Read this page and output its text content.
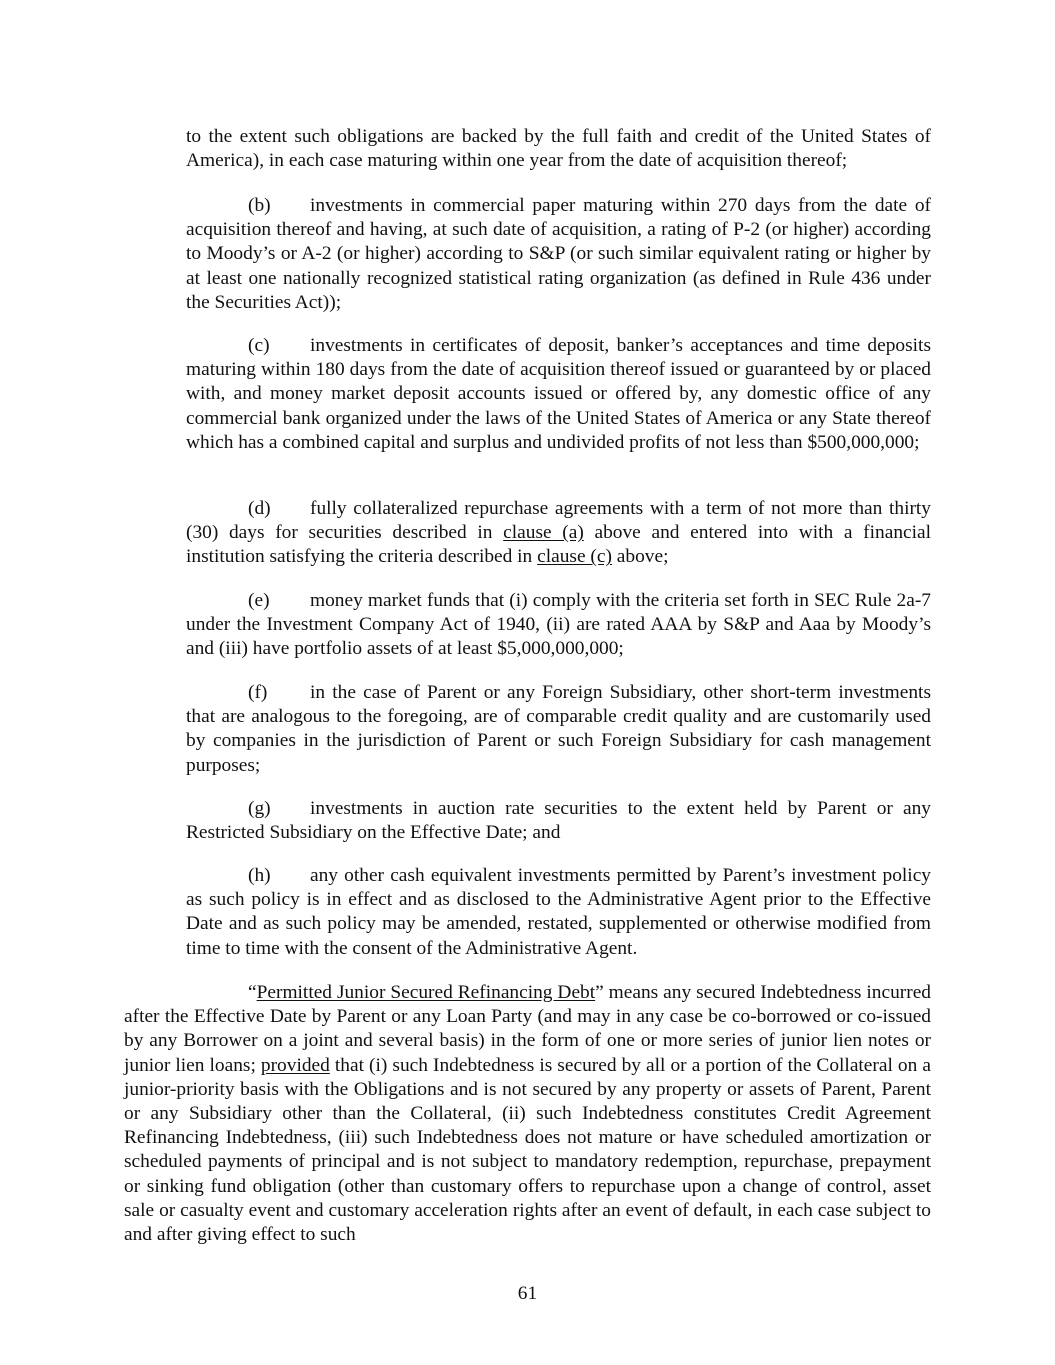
to the extent such obligations are backed by the full faith and credit of the United States of America), in each case maturing within one year from the date of acquisition thereof;

(b) investments in commercial paper maturing within 270 days from the date of acquisition thereof and having, at such date of acquisition, a rating of P-2 (or higher) according to Moody’s or A-2 (or higher) according to S&P (or such similar equivalent rating or higher by at least one nationally recognized statistical rating organization (as defined in Rule 436 under the Securities Act));

(c) investments in certificates of deposit, banker’s acceptances and time deposits maturing within 180 days from the date of acquisition thereof issued or guaranteed by or placed with, and money market deposit accounts issued or offered by, any domestic office of any commercial bank organized under the laws of the United States of America or any State thereof which has a combined capital and surplus and undivided profits of not less than $500,000,000;

(d) fully collateralized repurchase agreements with a term of not more than thirty (30) days for securities described in clause (a) above and entered into with a financial institution satisfying the criteria described in clause (c) above;

(e) money market funds that (i) comply with the criteria set forth in SEC Rule 2a-7 under the Investment Company Act of 1940, (ii) are rated AAA by S&P and Aaa by Moody’s and (iii) have portfolio assets of at least $5,000,000,000;

(f) in the case of Parent or any Foreign Subsidiary, other short-term investments that are analogous to the foregoing, are of comparable credit quality and are customarily used by companies in the jurisdiction of Parent or such Foreign Subsidiary for cash management purposes;

(g) investments in auction rate securities to the extent held by Parent or any Restricted Subsidiary on the Effective Date; and

(h) any other cash equivalent investments permitted by Parent’s investment policy as such policy is in effect and as disclosed to the Administrative Agent prior to the Effective Date and as such policy may be amended, restated, supplemented or otherwise modified from time to time with the consent of the Administrative Agent.

“Permitted Junior Secured Refinancing Debt” means any secured Indebtedness incurred after the Effective Date by Parent or any Loan Party (and may in any case be co-borrowed or co-issued by any Borrower on a joint and several basis) in the form of one or more series of junior lien notes or junior lien loans; provided that (i) such Indebtedness is secured by all or a portion of the Collateral on a junior-priority basis with the Obligations and is not secured by any property or assets of Parent, Parent or any Subsidiary other than the Collateral, (ii) such Indebtedness constitutes Credit Agreement Refinancing Indebtedness, (iii) such Indebtedness does not mature or have scheduled amortization or scheduled payments of principal and is not subject to mandatory redemption, repurchase, prepayment or sinking fund obligation (other than customary offers to repurchase upon a change of control, asset sale or casualty event and customary acceleration rights after an event of default, in each case subject to and after giving effect to such

61
